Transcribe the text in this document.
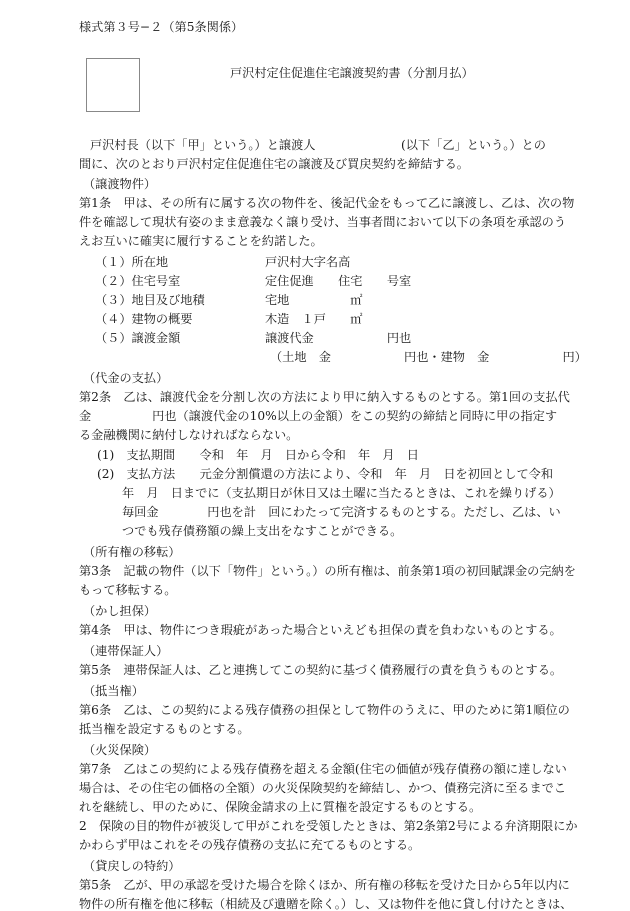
様式第３号−２（第5条関係）
戸沢村定住促進住宅譲渡契約書（分割月払）
戸沢村長（以下「甲」という。）と譲渡人	(以下「乙」という。）との
間に、次のとおり戸沢村定住促進住宅の譲渡及び買戻契約を締結する。
（譲渡物件）
第1条　甲は、その所有に属する次の物件を、後記代金をもって乙に譲渡し、乙は、次の物
件を確認して現状有姿のまま意義なく譲り受け、当事者間において以下の条項を承認のう
えお互いに確実に履行することを約諾した。
（１）所在地	戸沢村大字名高
（２）住宅号室	定住促進　　住宅　　号室
（３）地目及び地積	宅地　　　　　㎡
（４）建物の概要	木造　１戸　　㎡
（５）譲渡金額	譲渡代金　　　　　　円也
（土地　金　　　　　　円也・建物　金　　　　　　円）
（代金の支払）
第2条　乙は、譲渡代金を分割し次の方法により甲に納入するものとする。第1回の支払代
金　　　　　円也（譲渡代金の10%以上の金額）をこの契約の締結と同時に甲の指定す
る金融機関に納付しなければならない。
(1)　支払期間　　令和　年　月　日から令和　年　月　日
(2)　支払方法　　元金分割償還の方法により、令和　年　月　日を初回として令和
年　月　日までに（支払期日が休日又は土曜に当たるときは、これを繰りげる）
毎回金　　　　円也を計　回にわたって完済するものとする。ただし、乙は、い
つでも残存債務額の繰上支出をなすことができる。
（所有権の移転）
第3条　記載の物件（以下「物件」という。）の所有権は、前条第1項の初回賦課金の完納を
もって移転する。
（かし担保）
第4条　甲は、物件につき瑕疵があった場合といえども担保の責を負わないものとする。
（連帯保証人）
第5条　連帯保証人は、乙と連携してこの契約に基づく債務履行の責を負うものとする。
（抵当権）
第6条　乙は、この契約による残存債務の担保として物件のうえに、甲のために第1順位の
抵当権を設定するものとする。
（火災保険）
第7条　乙はこの契約による残存債務を超える金額(住宅の価値が残存債務の額に達しない
場合は、その住宅の価格の全額）の火災保険契約を締結し、かつ、債務完済に至るまでこ
れを継続し、甲のために、保険金請求の上に質権を設定するものとする。
2　保険の目的物件が被災して甲がこれを受領したときは、第2条第2号による弁済期限にか
かわらず甲はこれをその残存債務の支払に充てるものとする。
（貸戻しの特約）
第5条　乙が、甲の承認を受けた場合を除くほか、所有権の移転を受けた日から5年以内に
物件の所有権を他に移転（相続及び遺贈を除く。）し、又は物件を他に貸し付けたときは、
